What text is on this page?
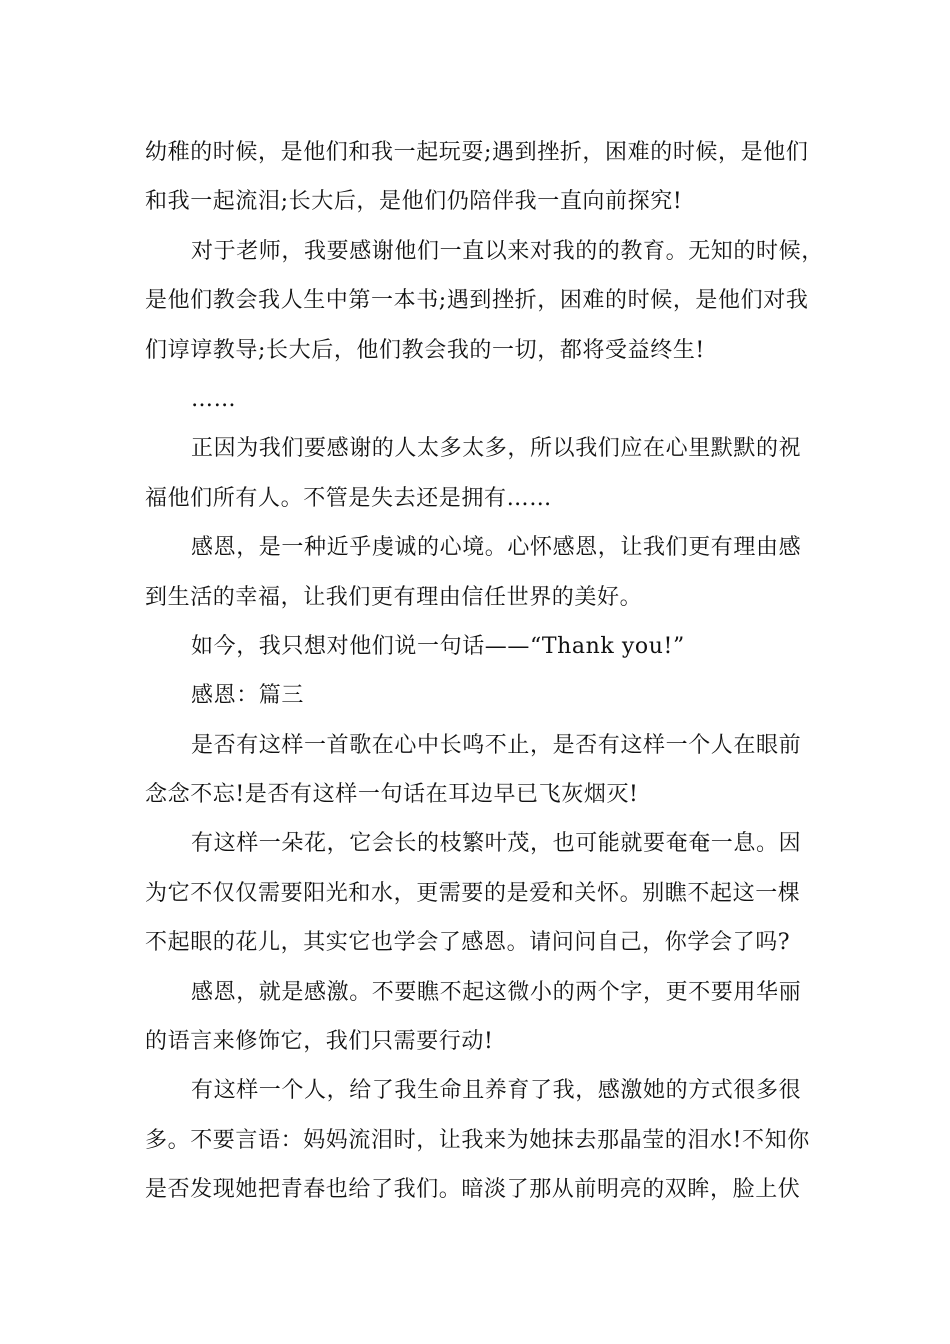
幼稚的时候，是他们和我一起玩耍;遇到挫折，困难的时候，是他们
和我一起流泪;长大后，是他们仍陪伴我一直向前探究!
对于老师，我要感谢他们一直以来对我的的教育。无知的时候，
是他们教会我人生中第一本书;遇到挫折，困难的时候，是他们对我
们谆谆教导;长大后，他们教会我的一切，都将受益终生!
……
正因为我们要感谢的人太多太多，所以我们应在心里默默的祝
福他们所有人。不管是失去还是拥有……
感恩，是一种近乎虔诚的心境。心怀感恩，让我们更有理由感
到生活的幸福，让我们更有理由信任世界的美好。
如今，我只想对他们说一句话——“Thank you!”
感恩：篇三
是否有这样一首歌在心中长鸣不止，是否有这样一个人在眼前
念念不忘!是否有这样一句话在耳边早已飞灰烟灭!
有这样一朵花，它会长的枝繁叶茂，也可能就要奄奄一息。因
为它不仅仅需要阳光和水，更需要的是爱和关怀。别瞧不起这一棵
不起眼的花儿，其实它也学会了感恩。请问问自己，你学会了吗?
感恩，就是感激。不要瞧不起这微小的两个字，更不要用华丽
的语言来修饰它，我们只需要行动!
有这样一个人，给了我生命且养育了我，感激她的方式很多很
多。不要言语：妈妈流泪时，让我来为她抹去那晶莹的泪水!不知你
是否发现她把青春也给了我们。暗淡了那从前明亮的双眸，脸上伏
